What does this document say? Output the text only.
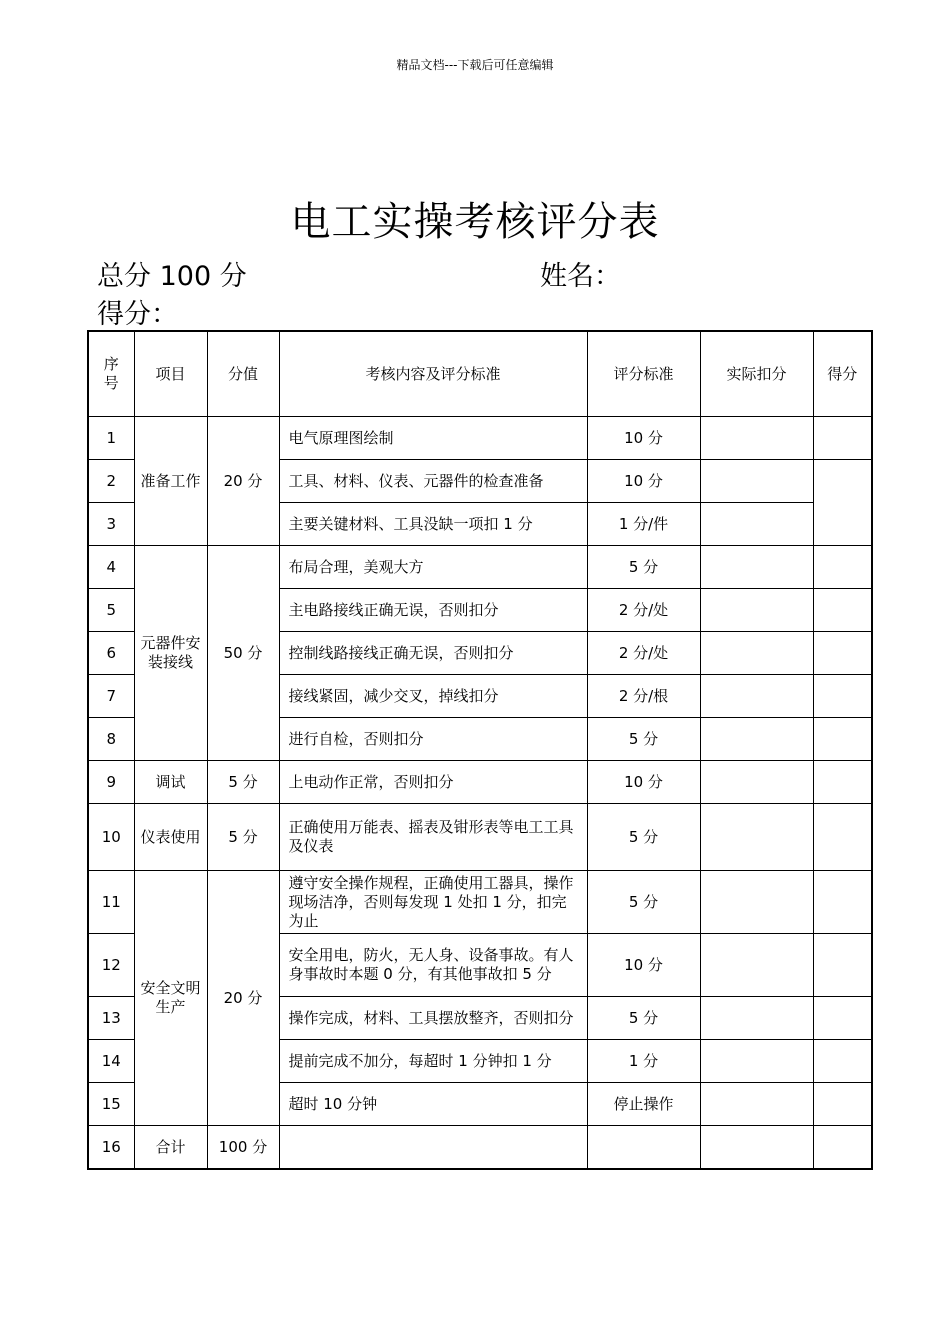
精品文档---下载后可任意编辑
电工实操考核评分表
总分 100 分	姓名：
得分：
序号	项目	分值	考核内容及评分标准	评分标准	实际扣分	得分
1	准备工作	20 分	电气原理图绘制	10 分		
2			工具、材料、仪表、元器件的检查准备	10 分		
3			主要关键材料、工具没缺一项扣 1 分	1 分/件		
4	元器件安装接线	50 分	布局合理，美观大方	5 分		
5			主电路接线正确无误，否则扣分	2 分/处		
6			控制线路接线正确无误，否则扣分	2 分/处		
7			接线紧固，减少交叉，掉线扣分	2 分/根		
8			进行自检，否则扣分	5 分		
9	调试	5 分	上电动作正常，否则扣分	10 分		
10	仪表使用	5 分	正确使用万能表、摇表及钳形表等电工工具及仪表	5 分		
11	安全文明生产	20 分	遵守安全操作规程，正确使用工器具，操作现场洁净，否则每发现 1 处扣 1 分，扣完为止	5 分		
12			安全用电，防火，无人身、设备事故。有人身事故时本题 0 分，有其他事故扣 5 分	10 分		
13			操作完成，材料、工具摆放整齐，否则扣分	5 分		
14			提前完成不加分，每超时 1 分钟扣 1 分	1 分		
15			超时 10 分钟	停止操作		
16	合计	100 分				
